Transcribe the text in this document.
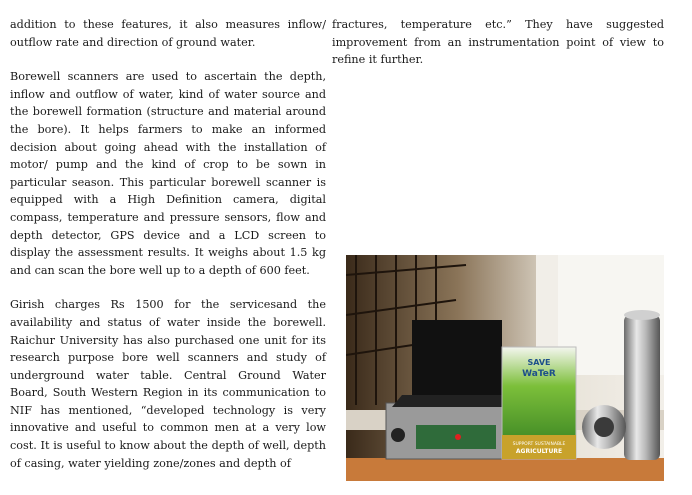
addition to these features, it also measures inflow/ outflow rate and direction of ground water.

Borewell scanners are used to ascertain the depth, inflow and outflow of water, kind of water source and the borewell formation (structure and material around the bore). It helps farmers to make an informed decision about going ahead with the installation of motor/ pump and the kind of crop to be sown in particular season. This particular borewell scanner is equipped with a High Definition camera, digital compass, temperature and pressure sensors, flow and depth detector, GPS device and a LCD screen to display the assessment results. It weighs about 1.5 kg and can scan the bore well up to a depth of 600 feet.

Girish charges Rs 1500 for the servicesand the availability and status of water inside the borewell. Raichur University has also purchased one unit for its research purpose bore well scanners and study of underground water table. Central Ground Water Board, South Western Region in its communication to NIF has mentioned, “developed technology is very innovative and useful to common men at a very low cost. It is useful to know about the depth of well, depth of casing, water yielding zone/zones and depth of

fractures, temperature etc.” They have suggested improvement from an instrumentation point of view to refine it further.

SAVE
WaTeR
SUPPORT SUSTAINABLE
AGRICULTURE
